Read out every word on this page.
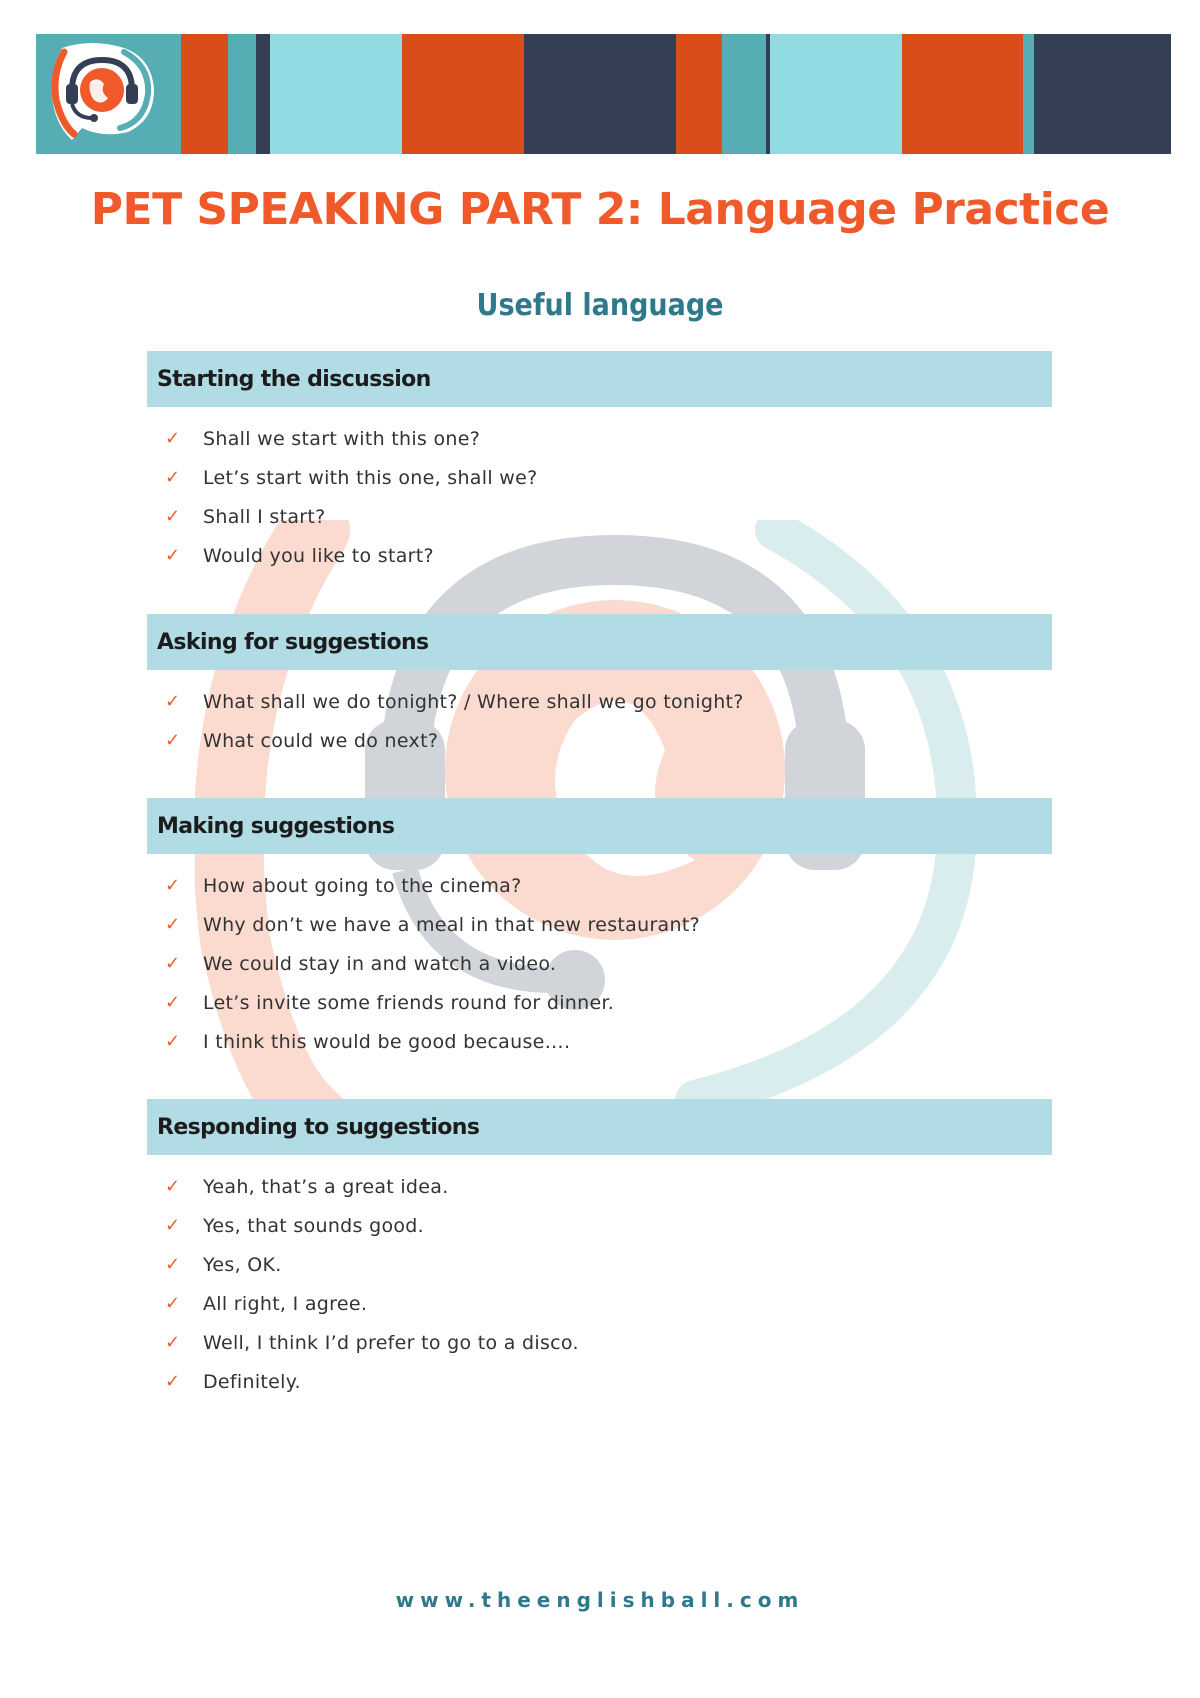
PET SPEAKING PART 2: Language Practice
Useful language
Starting the discussion
✓ Shall we start with this one?
✓ Let’s start with this one, shall we?
✓ Shall I start?
✓ Would you like to start?
Asking for suggestions
✓ What shall we do tonight? / Where shall we go tonight?
✓ What could we do next?
Making suggestions
✓ How about going to the cinema?
✓ Why don’t we have a meal in that new restaurant?
✓ We could stay in and watch a video.
✓ Let’s invite some friends round for dinner.
✓ I think this would be good because….
Responding to suggestions
✓ Yeah, that’s a great idea.
✓ Yes, that sounds good.
✓ Yes, OK.
✓ All right, I agree.
✓ Well, I think I’d prefer to go to a disco.
✓ Definitely.
www.theenglishball.com
